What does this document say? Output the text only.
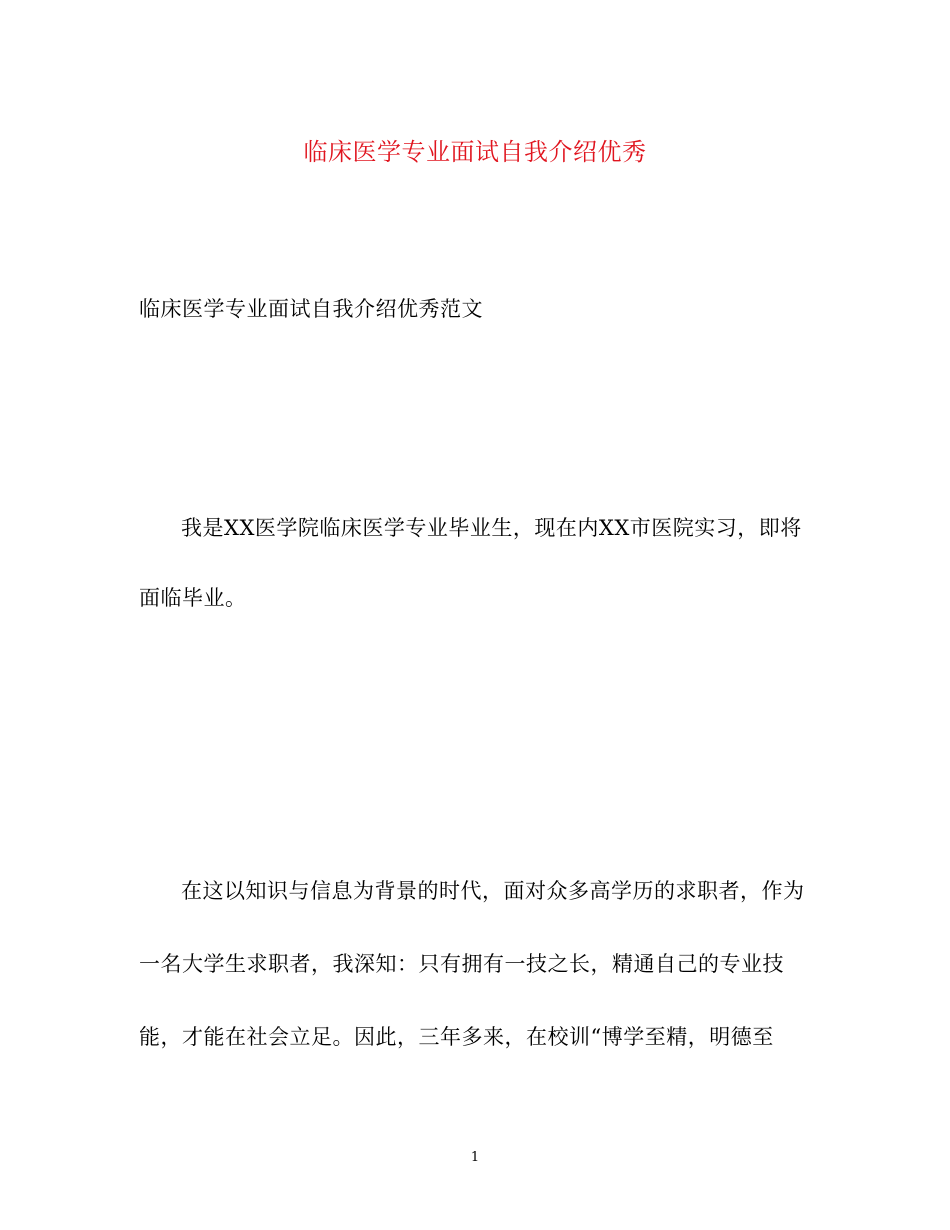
临床医学专业面试自我介绍优秀
临床医学专业面试自我介绍优秀范文
我是XX医学院临床医学专业毕业生，现在内XX市医院实习，即将
面临毕业。
在这以知识与信息为背景的时代，面对众多高学历的求职者，作为
一名大学生求职者，我深知：只有拥有一技之长，精通自己的专业技
能，才能在社会立足。因此，三年多来，在校训“博学至精，明德至
1
